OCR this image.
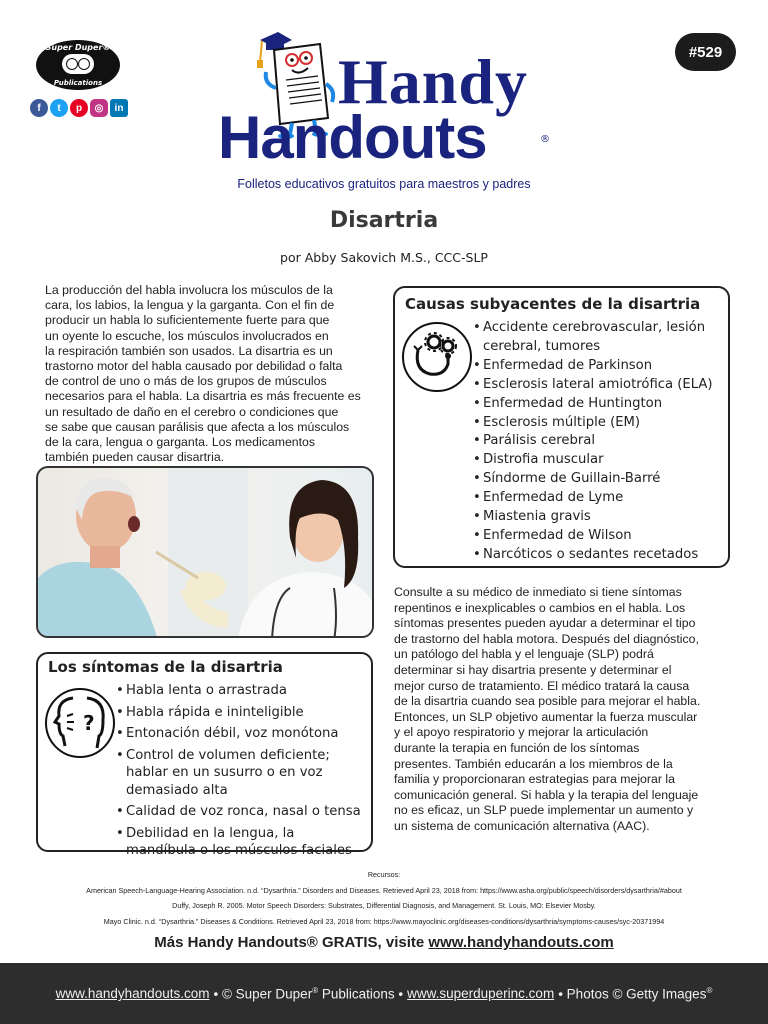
Super Duper®
Publications
f	t	p	◎	in
#529
Handy
Handouts	®
Folletos educativos gratuitos para maestros y padres
Disartria
por Abby Sakovich M.S., CCC-SLP
La producción del habla involucra los músculos de la
cara, los labios, la lengua y la garganta. Con el fin de
producir un habla lo suficientemente fuerte para que
un oyente lo escuche, los músculos involucrados en
la respiración también son usados. La disartria es un
trastorno motor del habla causado por debilidad o falta
de control de uno o más de los grupos de músculos
necesarios para el habla. La disartria es más frecuente es
un resultado de daño en el cerebro o condiciones que
se sabe que causan parálisis que afecta a los músculos
de la cara, lengua o garganta. Los medicamentos
también pueden causar disartria.
Causas subyacentes de la disartria
• Accidente cerebrovascular, lesión cerebral, tumores
• Enfermedad de Parkinson
• Esclerosis lateral amiotrófica (ELA)
• Enfermedad de Huntington
• Esclerosis múltiple (EM)
• Parálisis cerebral
• Distrofia muscular
• Síndorme de Guillain-Barré
• Enfermedad de Lyme
• Miastenia gravis
• Enfermedad de Wilson
• Narcóticos o sedantes recetados
Consulte a su médico de inmediato si tiene síntomas
repentinos e inexplicables o cambios en el habla. Los
síntomas presentes pueden ayudar a determinar el tipo
de trastorno del habla motora. Después del diagnóstico,
un patólogo del habla y el lenguaje (SLP) podrá
determinar si hay disartria presente y determinar el
mejor curso de tratamiento. El médico tratará la causa
de la disartria cuando sea posible para mejorar el habla.
Entonces, un SLP objetivo aumentar la fuerza muscular
y el apoyo respiratorio y mejorar la articulación
durante la terapia en función de los síntomas
presentes. También educarán a los miembros de la
familia y proporcionaran estrategias para mejorar la
comunicación general. Si habla y la terapia del lenguaje
no es eficaz, un SLP puede implementar un aumento y
un sistema de comunicación alternativa (AAC).
Los síntomas de la disartria
?
• Habla lenta o arrastrada
• Habla rápida e ininteligible
• Entonación débil, voz monótona
• Control de volumen deficiente; hablar en un susurro o en voz demasiado alta
• Calidad de voz ronca, nasal o tensa
• Debilidad en la lengua, la mandíbula o los músculos faciales
Recursos:
American Speech-Language-Hearing Association. n.d. “Dysarthria.” Disorders and Diseases. Retrieved April 23, 2018 from: https://www.asha.org/public/speech/disorders/dysarthria/#about
Duffy, Joseph R. 2005. Motor Speech Disorders: Substrates, Differential Diagnosis, and Management. St. Louis, MO: Elsevier Mosby.
Mayo Clinic. n.d. “Dysarthria.” Diseases & Conditions. Retrieved April 23, 2018 from: https://www.mayoclinic.org/diseases-conditions/dysarthria/symptoms-causes/syc-20371994
Más Handy Handouts® GRATIS, visite www.handyhandouts.com
www.handyhandouts.com • © Super Duper® Publications • www.superduperinc.com • Photos © Getty Images®
